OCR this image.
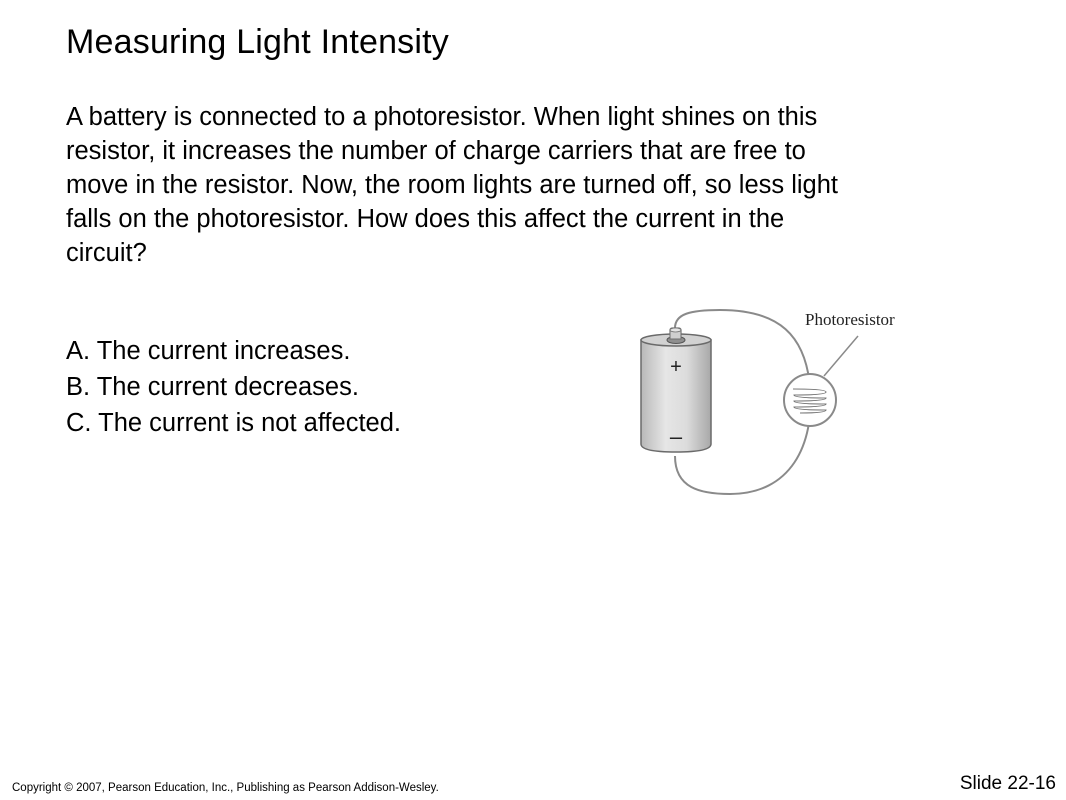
Measuring Light Intensity

A battery is connected to a photoresistor. When light shines on this

resistor, it increases the number of charge carriers that are free to

move in the resistor. Now, the room lights are turned off, so less light

falls on the photoresistor. How does this affect the current in the

circuit?

A. The current increases.
B. The current decreases.
C. The current is not affected.
+
–
Photoresistor
Copyright © 2007, Pearson Education, Inc., Publishing as Pearson Addison-Wesley.	Slide 22-16
